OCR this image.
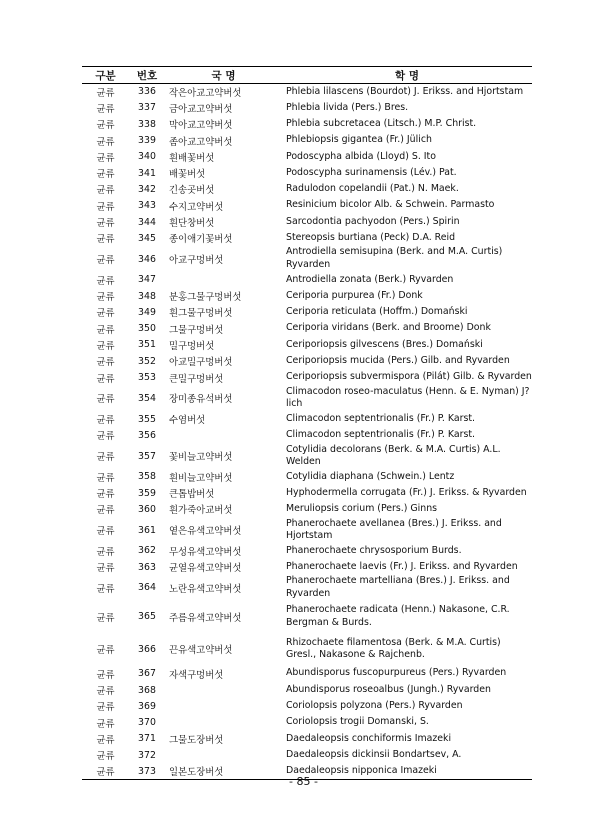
구분	번호	국 명	학 명
균류	336	작은아교고약버섯	Phlebia lilascens (Bourdot) J. Erikss. and Hjortstam
균류	337	금아교고약버섯	Phlebia livida (Pers.) Bres.
균류	338	막아교고약버섯	Phlebia subcretacea (Litsch.) M.P. Christ.
균류	339	좀아교고약버섯	Phlebiopsis gigantea (Fr.) Jülich
균류	340	흰배꽃버섯	Podoscypha albida (Lloyd) S. Ito
균류	341	배꽃버섯	Podoscypha surinamensis (Lév.) Pat.
균류	342	긴송곳버섯	Radulodon copelandii (Pat.) N. Maek.
균류	343	수지고약버섯	Resinicium bicolor Alb. & Schwein. Parmasto
균류	344	흰단창버섯	Sarcodontia pachyodon (Pers.) Spirin
균류	345	종이애기꽃버섯	Stereopsis burtiana (Peck) D.A. Reid
균류	346	아교구멍버섯	Antrodiella semisupina (Berk. and M.A. Curtis) Ryvarden
균류	347		Antrodiella zonata (Berk.) Ryvarden
균류	348	분홍그물구멍버섯	Ceriporia purpurea (Fr.) Donk
균류	349	흰그물구멍버섯	Ceriporia reticulata (Hoffm.) Domański
균류	350	그물구멍버섯	Ceriporia viridans (Berk. and Broome) Donk
균류	351	밀구멍버섯	Ceriporiopsis gilvescens (Bres.) Domański
균류	352	아교밀구멍버섯	Ceriporiopsis mucida (Pers.) Gilb. and Ryvarden
균류	353	큰밀구멍버섯	Ceriporiopsis subvermispora (Pilát) Gilb. & Ryvarden
균류	354	장미종유석버섯	Climacodon roseo-maculatus (Henn. & E. Nyman) J?lich
균류	355	수염버섯	Climacodon septentrionalis (Fr.) P. Karst.
균류	356		Climacodon septentrionalis (Fr.) P. Karst.
균류	357	꽃비늘고약버섯	Cotylidia decolorans (Berk. & M.A. Curtis) A.L. Welden
균류	358	흰비늘고약버섯	Cotylidia diaphana (Schwein.) Lentz
균류	359	큰톱밥버섯	Hyphodermella corrugata (Fr.) J. Erikss. & Ryvarden
균류	360	흰가죽아교버섯	Meruliopsis corium (Pers.) Ginns
균류	361	옅은유색고약버섯	Phanerochaete avellanea (Bres.) J. Erikss. and Hjortstam
균류	362	무성유색고약버섯	Phanerochaete chrysosporium Burds.
균류	363	균열유색고약버섯	Phanerochaete laevis (Fr.) J. Erikss. and Ryvarden
균류	364	노란유색고약버섯	Phanerochaete martelliana (Bres.) J. Erikss. and Ryvarden
균류	365	주름유색고약버섯	Phanerochaete radicata (Henn.) Nakasone, C.R. Bergman & Burds.
균류	366	끈유색고약버섯	Rhizochaete filamentosa (Berk. & M.A. Curtis) Gresl., Nakasone & Rajchenb.
균류	367	자색구멍버섯	Abundisporus fuscopurpureus (Pers.) Ryvarden
균류	368		Abundisporus roseoalbus (Jungh.) Ryvarden
균류	369		Coriolopsis polyzona (Pers.) Ryvarden
균류	370		Coriolopsis trogii Domanski, S.
균류	371	그물도장버섯	Daedaleopsis conchiformis Imazeki
균류	372		Daedaleopsis dickinsii Bondartsev, A.
균류	373	일본도장버섯	Daedaleopsis nipponica Imazeki
- 85 -
